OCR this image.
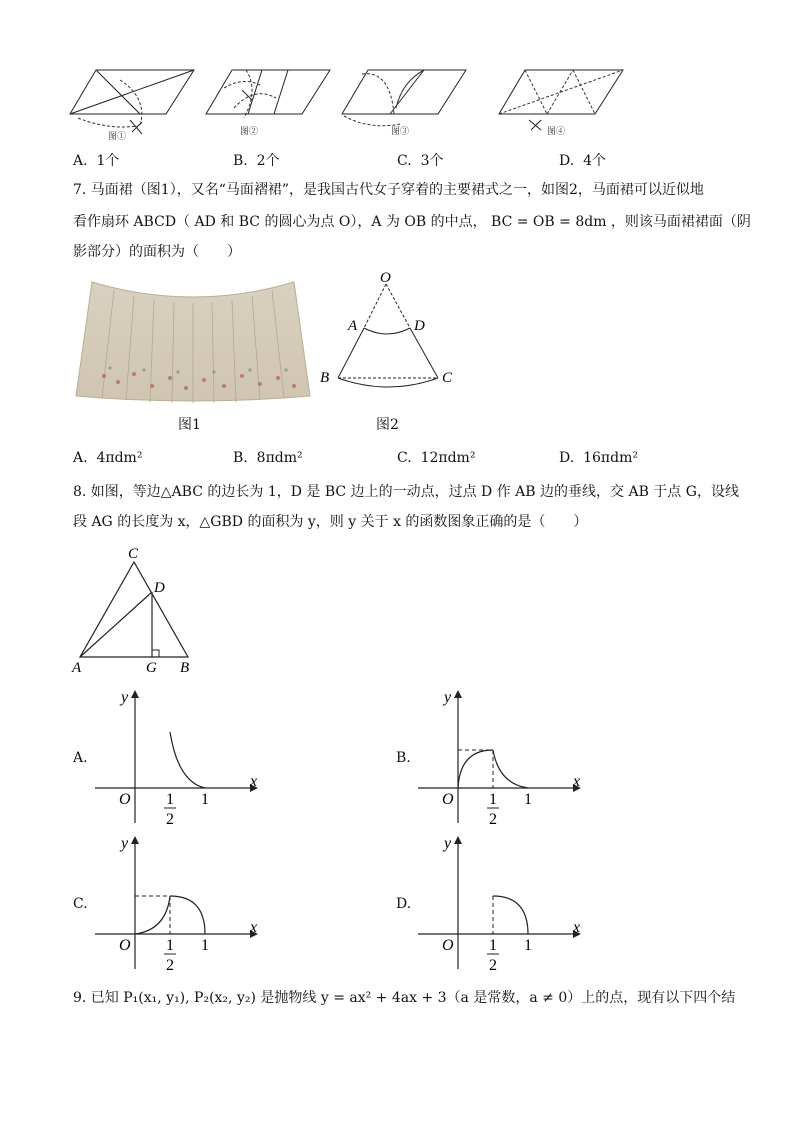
图①	图②	图③	图④
A. 1个	B. 2个	C. 3个	D. 4个
7. 马面裙（图1），又名“马面褶裙”，是我国古代女子穿着的主要裙式之一，如图2，马面裙可以近似地
看作扇环 ABCD（ AD 和 BC 的圆心为点 O），A 为 OB 的中点， BC = OB = 8dm ，则该马面裙裙面（阴
影部分）的面积为（　　）
图1
O
A	D
B	C
图2
A. 4πdm²	B. 8πdm²	C. 12πdm²	D. 16πdm²
8. 如图，等边△ABC 的边长为 1，D 是 BC 边上的一动点，过点 D 作 AB 边的垂线，交 AB 于点 G，设线
段 AG 的长度为 x，△GBD 的面积为 y，则 y 关于 x 的函数图象正确的是（　　）
C
D
A	G B
A.	B.
C.	D.
y
x
O 1
2
1
y
x
O 1
2
1
y
x
O 1
2
1
y
x
O 1
2
1
9. 已知 P₁(x₁, y₁), P₂(x₂, y₂) 是抛物线 y = ax² + 4ax + 3（a 是常数，a ≠ 0）上的点，现有以下四个结
